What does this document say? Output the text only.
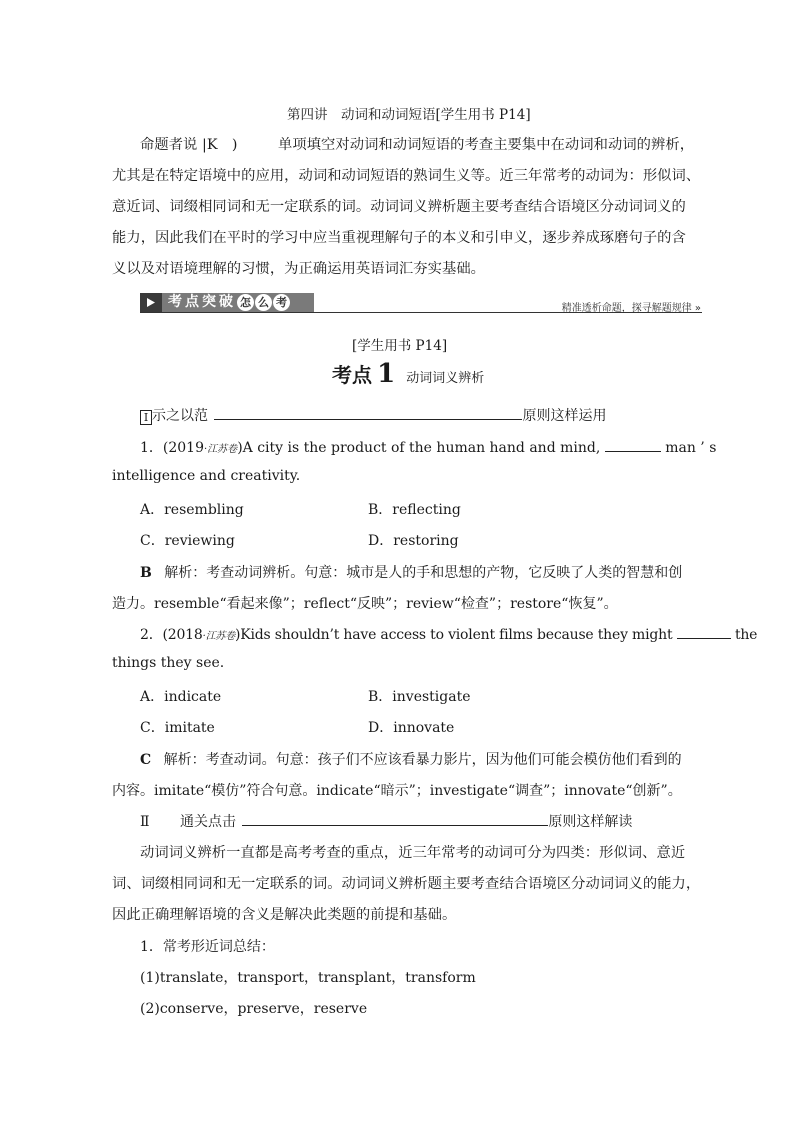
第四讲　动词和动词短语[学生用书 P14]
命题者说 |K　)	单项填空对动词和动词短语的考查主要集中在动词和动词的辨析，
尤其是在特定语境中的应用，动词和动词短语的熟词生义等。近三年常考的动词为：形似词、
意近词、词缀相同词和无一定联系的词。动词词义辨析题主要考查结合语境区分动词词义的
能力，因此我们在平时的学习中应当重视理解句子的本义和引申义，逐步养成琢磨句子的含
义以及对语境理解的习惯，为正确运用英语词汇夯实基础。
考点突破 怎 么 考	精准透析命题，探寻解题规律 »
[学生用书 P14]
考点 1 动词词义辨析
I 示之以范	原则这样运用
1．(2019·江苏卷)A city is the product of the human hand and mind,	man ’ s
intelligence and creativity.
A．resembling	B．reflecting
C．reviewing	D．restoring
B 解析：考查动词辨析。句意：城市是人的手和思想的产物，它反映了人类的智慧和创
造力。resemble“看起来像”；reflect“反映”；review“检查”；restore“恢复”。
2．(2018·江苏卷)Kids shouldn’t have access to violent films because they might	the
things they see.
A．indicate	B．investigate
C．imitate	D．innovate
C 解析：考查动词。句意：孩子们不应该看暴力影片，因为他们可能会模仿他们看到的
内容。imitate“模仿”符合句意。indicate“暗示”；investigate“调查”；innovate“创新”。
Ⅱ 通关点击	原则这样解读
动词词义辨析一直都是高考考查的重点，近三年常考的动词可分为四类：形似词、意近
词、词缀相同词和无一定联系的词。动词词义辨析题主要考查结合语境区分动词词义的能力，
因此正确理解语境的含义是解决此类题的前提和基础。
1．常考形近词总结：
(1)translate，transport，transplant，transform
(2)conserve，preserve，reserve
